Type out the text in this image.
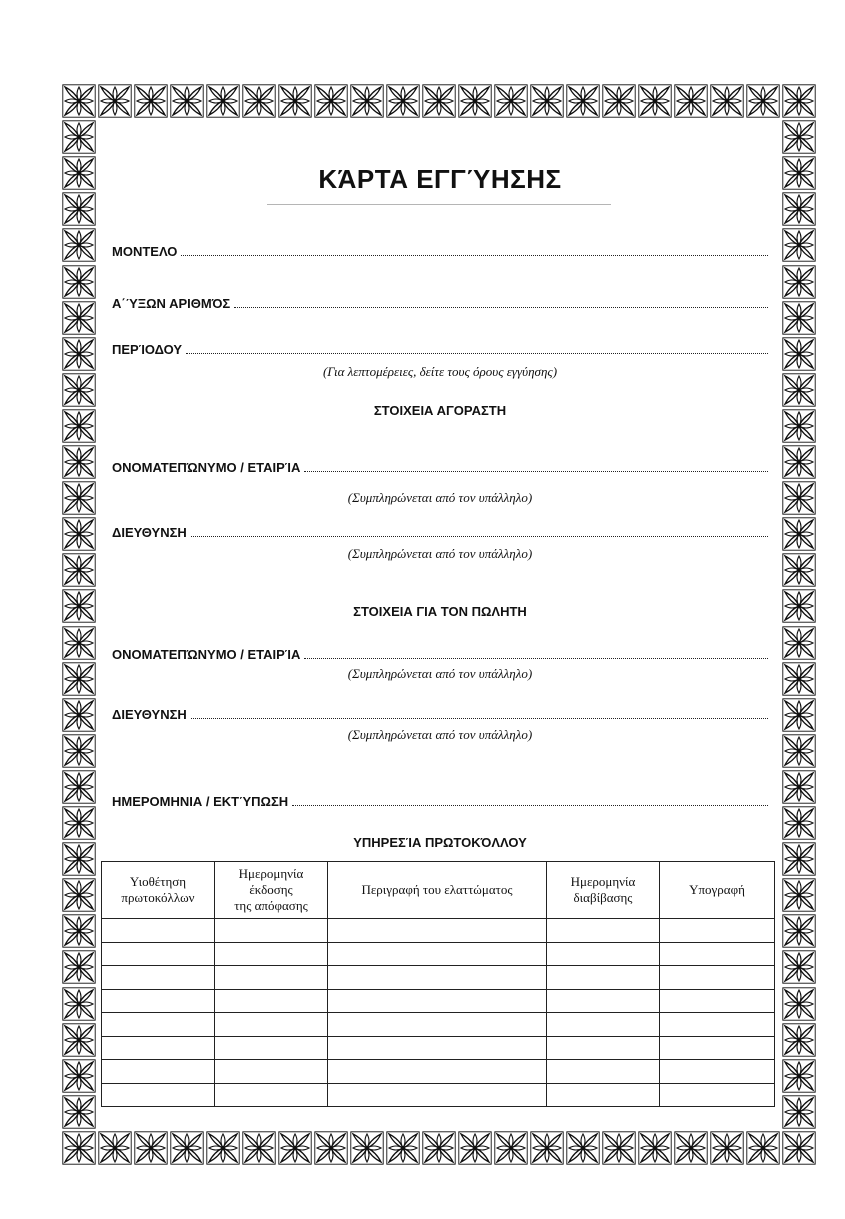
ΚΆΡΤΑ ΕΓΓΎΗΣΗΣ
ΜΟΝΤΕΛΟ
Α΄ΎΞΩΝ ΑΡΙΘΜΌΣ
ΠΕΡΊΟΔΟΥ
(Για λεπτομέρειες, δείτε τους όρους εγγύησης)
ΣΤΟΙΧΕΙΑ ΑΓΟΡΑΣΤΗ
ΟΝΟΜΑΤΕΠΏΝΥΜΟ / ΕΤΑΙΡΊΑ
(Συμπληρώνεται από τον υπάλληλο)
ΔΙΕΥΘΥΝΣΗ
(Συμπληρώνεται από τον υπάλληλο)
ΣΤΟΙΧΕΙΑ ΓΙΑ ΤΟΝ ΠΩΛΗΤΗ
ΟΝΟΜΑΤΕΠΏΝΥΜΟ / ΕΤΑΙΡΊΑ
(Συμπληρώνεται από τον υπάλληλο)
ΔΙΕΥΘΥΝΣΗ
(Συμπληρώνεται από τον υπάλληλο)
ΗΜΕΡΟΜΗΝΙΑ / ΕΚΤΎΠΩΣΗ
ΥΠΗΡΕΣΊΑ ΠΡΩΤΟΚΌΛΛΟΥ
Υιοθέτηση
πρωτοκόλλων	Ημερομηνία
έκδοσης
της απόφασης	Περιγραφή του ελαττώματος	Ημερομηνία
διαβίβασης	Υπογραφή
